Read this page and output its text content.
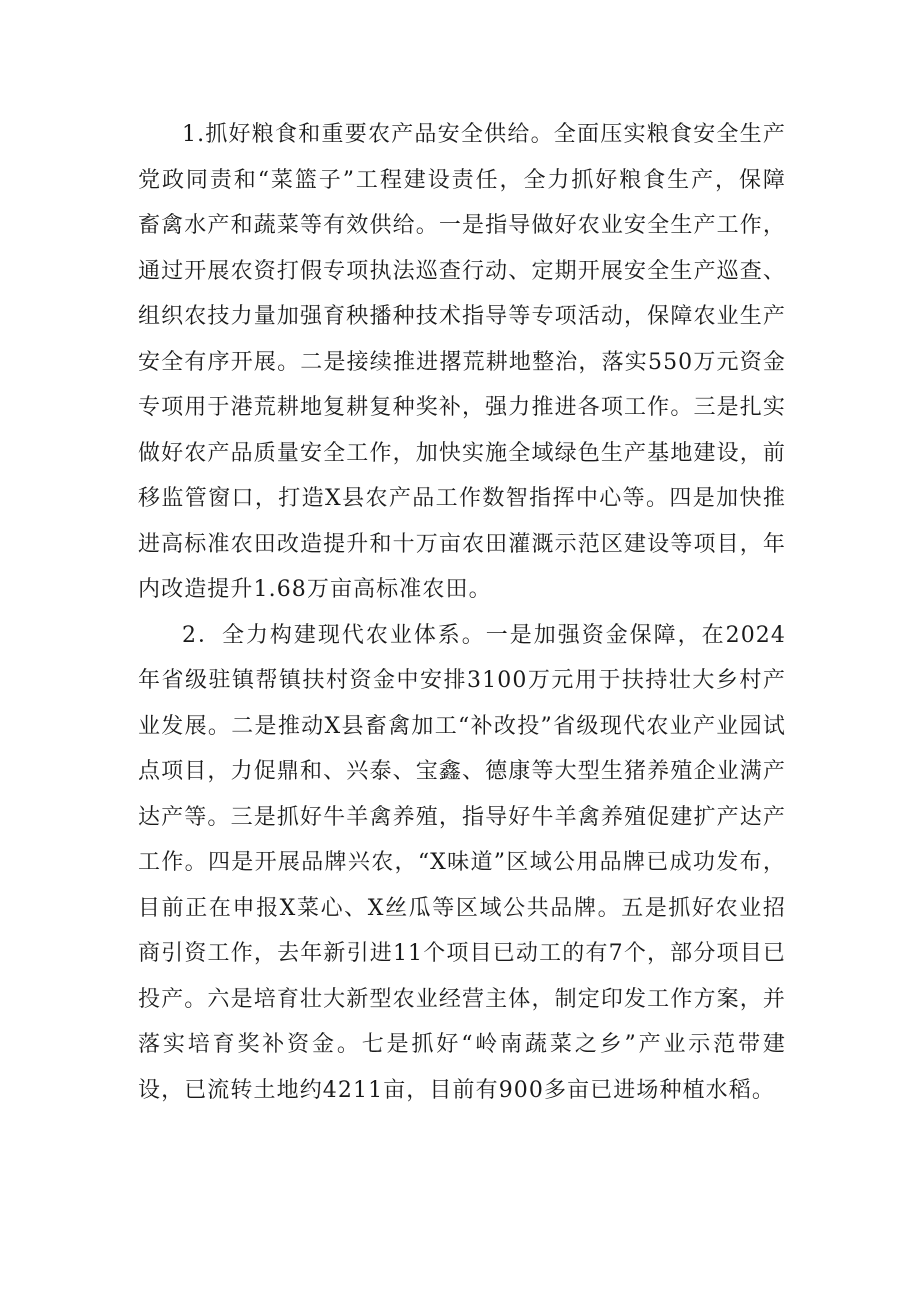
1.抓好粮食和重要农产品安全供给。全面压实粮食安全生产党政同责和“菜篮子”工程建设责任，全力抓好粮食生产，保障畜禽水产和蔬菜等有效供给。一是指导做好农业安全生产工作，通过开展农资打假专项执法巡查行动、定期开展安全生产巡查、组织农技力量加强育秧播种技术指导等专项活动，保障农业生产安全有序开展。二是接续推进撂荒耕地整治，落实550万元资金专项用于港荒耕地复耕复种奖补，强力推进各项工作。三是扎实做好农产品质量安全工作，加快实施全域绿色生产基地建设，前移监管窗口，打造X县农产品工作数智指挥中心等。四是加快推进高标准农田改造提升和十万亩农田灌溉示范区建设等项目，年内改造提升1.68万亩高标准农田。

2．全力构建现代农业体系。一是加强资金保障，在2024年省级驻镇帮镇扶村资金中安排3100万元用于扶持壮大乡村产业发展。二是推动X县畜禽加工“补改投”省级现代农业产业园试点项目，力促鼎和、兴泰、宝鑫、德康等大型生猪养殖企业满产达产等。三是抓好牛羊禽养殖，指导好牛羊禽养殖促建扩产达产工作。四是开展品牌兴农，“X味道”区域公用品牌已成功发布，目前正在申报X菜心、X丝瓜等区域公共品牌。五是抓好农业招商引资工作，去年新引进11个项目已动工的有7个，部分项目已投产。六是培育壮大新型农业经营主体，制定印发工作方案，并落实培育奖补资金。七是抓好“岭南蔬菜之乡”产业示范带建设，已流转土地约4211亩，目前有900多亩已进场种植水稻。
